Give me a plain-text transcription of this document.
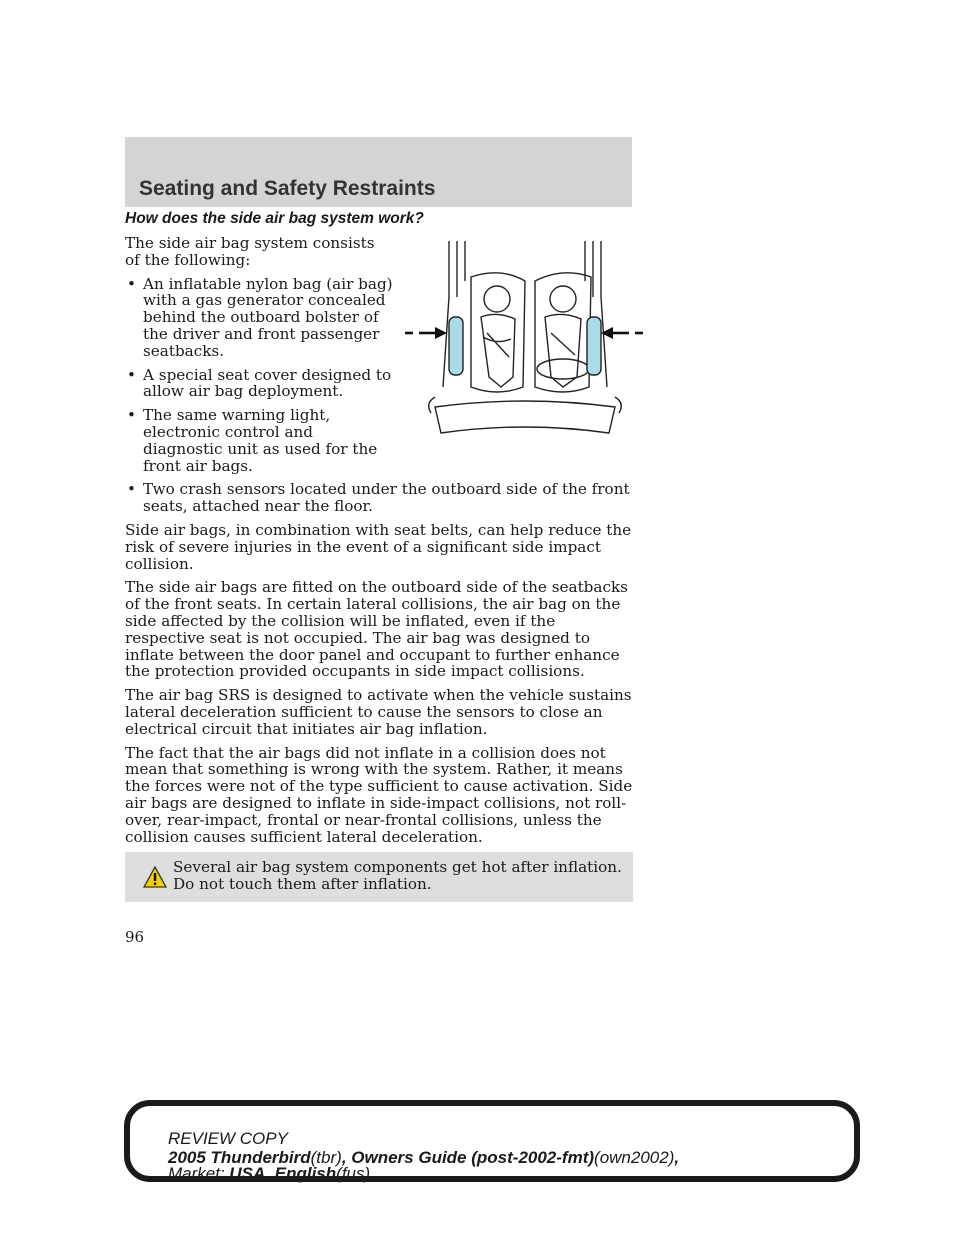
Seating and Safety Restraints
How does the side air bag system work?

The side air bag system consists of the following:

• An inflatable nylon bag (air bag) with a gas generator concealed behind the outboard bolster of the driver and front passenger seatbacks.
• A special seat cover designed to allow air bag deployment.
• The same warning light, electronic control and diagnostic unit as used for the front air bags.
• Two crash sensors located under the outboard side of the front seats, attached near the floor.

Side air bags, in combination with seat belts, can help reduce the risk of severe injuries in the event of a significant side impact collision.

The side air bags are fitted on the outboard side of the seatbacks of the front seats. In certain lateral collisions, the air bag on the side affected by the collision will be inflated, even if the respective seat is not occupied. The air bag was designed to inflate between the door panel and occupant to further enhance the protection provided occupants in side impact collisions.

The air bag SRS is designed to activate when the vehicle sustains lateral deceleration sufficient to cause the sensors to close an electrical circuit that initiates air bag inflation.

The fact that the air bags did not inflate in a collision does not mean that something is wrong with the system. Rather, it means the forces were not of the type sufficient to cause activation. Side air bags are designed to inflate in side-impact collisions, not roll-over, rear-impact, frontal or near-frontal collisions, unless the collision causes sufficient lateral deceleration.

Several air bag system components get hot after inflation. Do not touch them after inflation.
96
REVIEW COPY
2005 Thunderbird(tbr), Owners Guide (post-2002-fmt)(own2002),
Market: USA_English(fus)
